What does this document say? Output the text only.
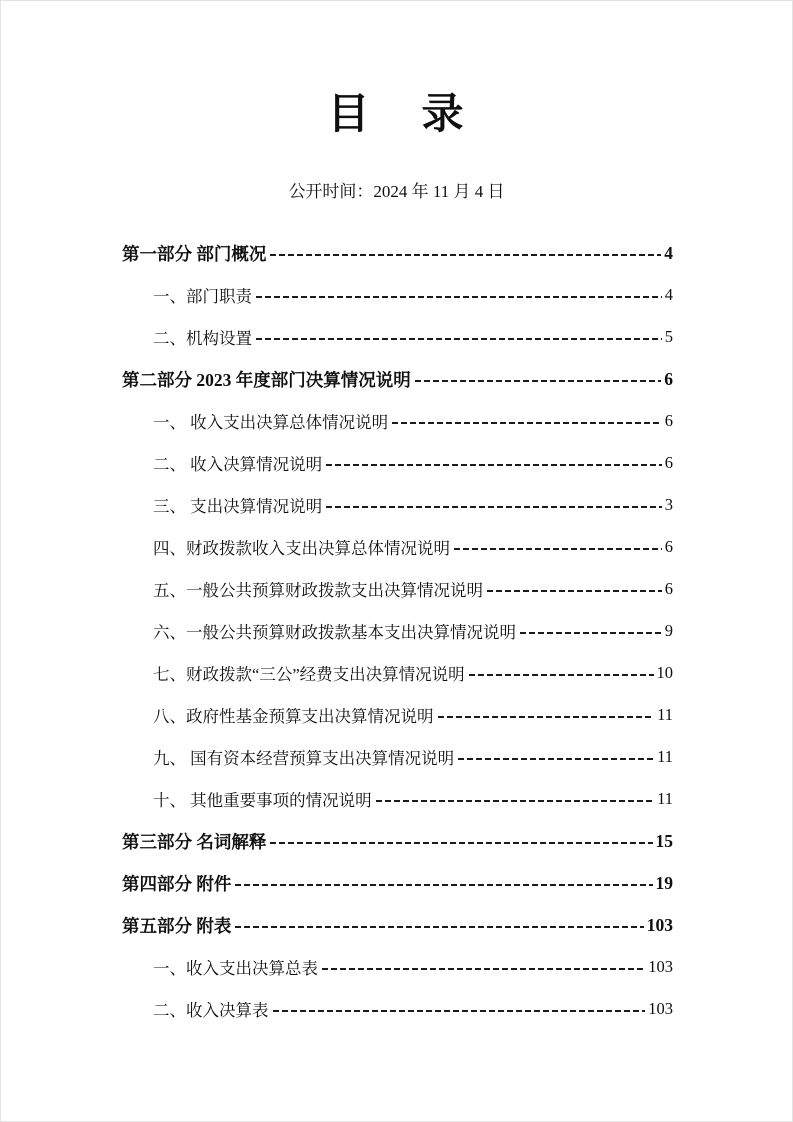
目    录
公开时间：2024 年 11 月 4 日
第一部分 部门概况	4
一、部门职责	4
二、机构设置	5
第二部分 2023 年度部门决算情况说明	6
一、 收入支出决算总体情况说明	6
二、 收入决算情况说明	6
三、 支出决算情况说明	3
四、财政拨款收入支出决算总体情况说明	6
五、一般公共预算财政拨款支出决算情况说明	6
六、一般公共预算财政拨款基本支出决算情况说明	9
七、财政拨款“三公”经费支出决算情况说明	10
八、政府性基金预算支出决算情况说明	11
九、 国有资本经营预算支出决算情况说明	11
十、 其他重要事项的情况说明	11
第三部分 名词解释	15
第四部分 附件	19
第五部分 附表	103
一、收入支出决算总表	103
二、收入决算表	103
